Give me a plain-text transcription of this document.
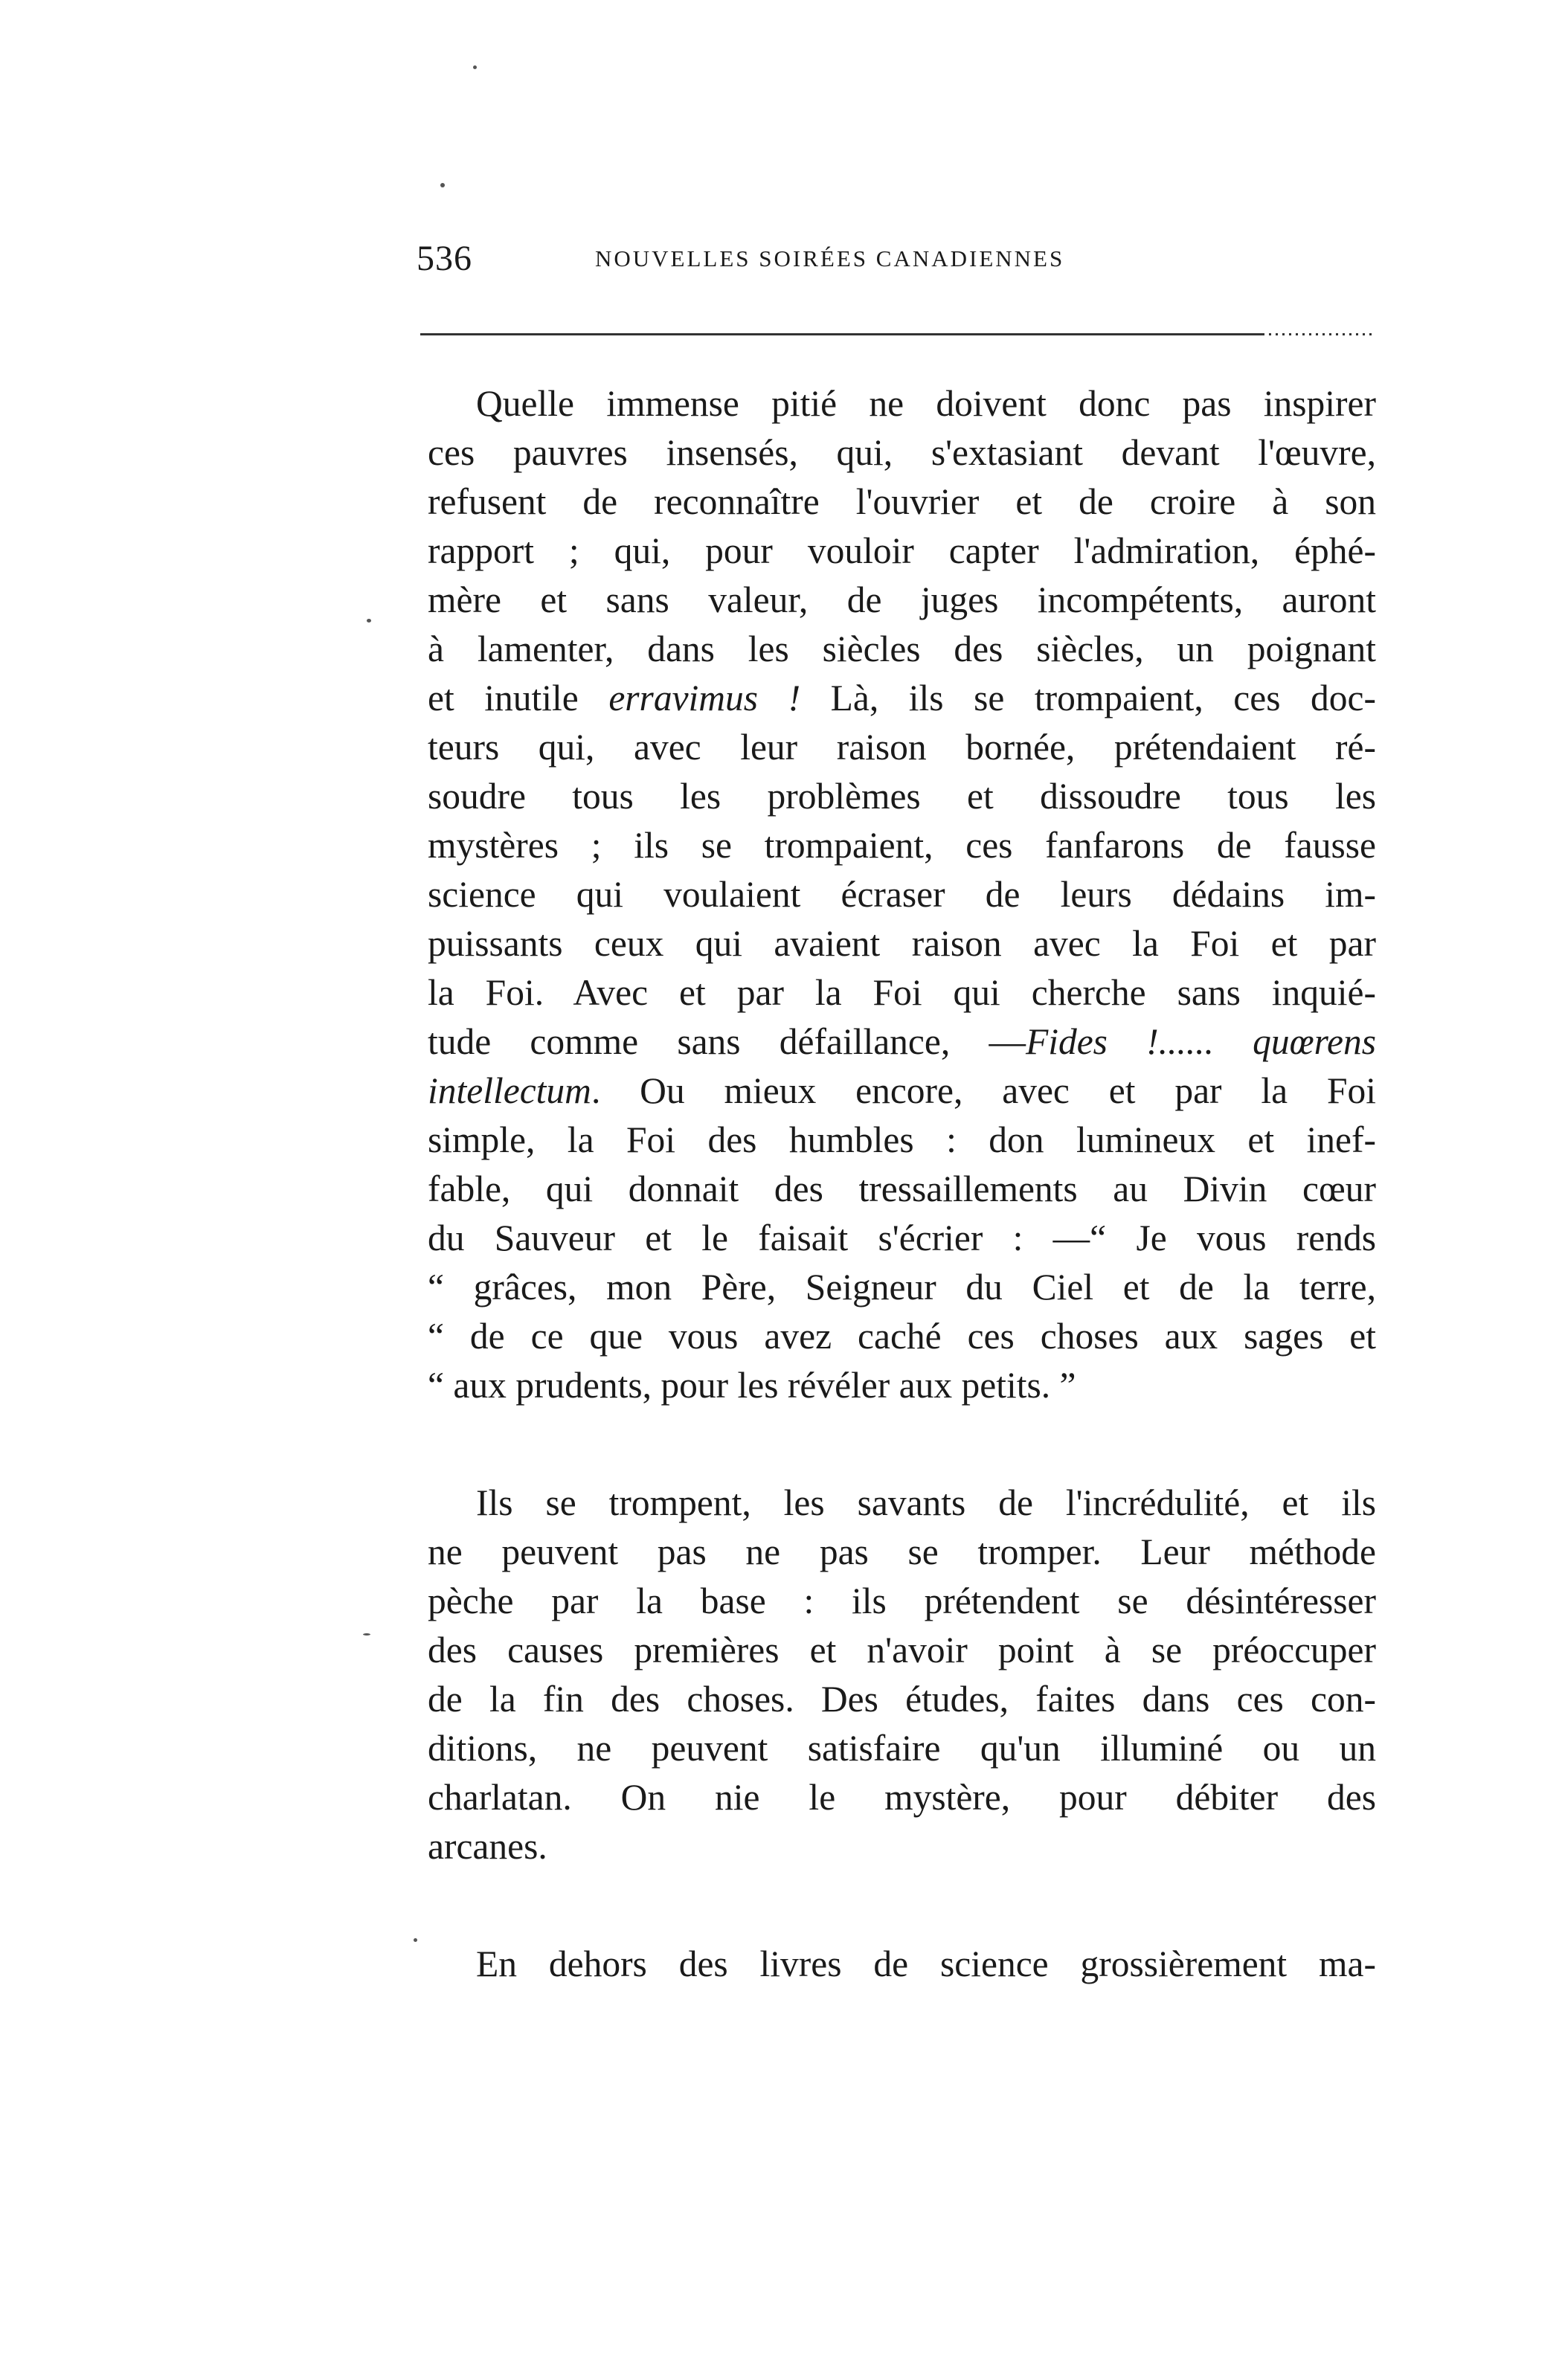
536	NOUVELLES SOIRÉES CANADIENNES
Quelle immense pitié ne doivent donc pas inspirer
ces pauvres insensés, qui, s'extasiant devant l'œuvre,
refusent de reconnaître l'ouvrier et de croire à son
rapport ; qui, pour vouloir capter l'admiration, éphé-
mère et sans valeur, de juges incompétents, auront
à lamenter, dans les siècles des siècles, un poignant
et inutile erravimus ! Là, ils se trompaient, ces doc-
teurs qui, avec leur raison bornée, prétendaient ré-
soudre tous les problèmes et dissoudre tous les
mystères ; ils se trompaient, ces fanfarons de fausse
science qui voulaient écraser de leurs dédains im-
puissants ceux qui avaient raison avec la Foi et par
la Foi. Avec et par la Foi qui cherche sans inquié-
tude comme sans défaillance, —Fides !...... quœrens
intellectum. Ou mieux encore, avec et par la Foi
simple, la Foi des humbles : don lumineux et inef-
fable, qui donnait des tressaillements au Divin cœur
du Sauveur et le faisait s'écrier : —“ Je vous rends
“ grâces, mon Père, Seigneur du Ciel et de la terre,
“ de ce que vous avez caché ces choses aux sages et
“ aux prudents, pour les révéler aux petits. ”
Ils se trompent, les savants de l'incrédulité, et ils
ne peuvent pas ne pas se tromper. Leur méthode
pèche par la base : ils prétendent se désintéresser
des causes premières et n'avoir point à se préoccuper
de la fin des choses. Des études, faites dans ces con-
ditions, ne peuvent satisfaire qu'un illuminé ou un
charlatan. On nie le mystère, pour débiter des
arcanes.
En dehors des livres de science grossièrement ma-
